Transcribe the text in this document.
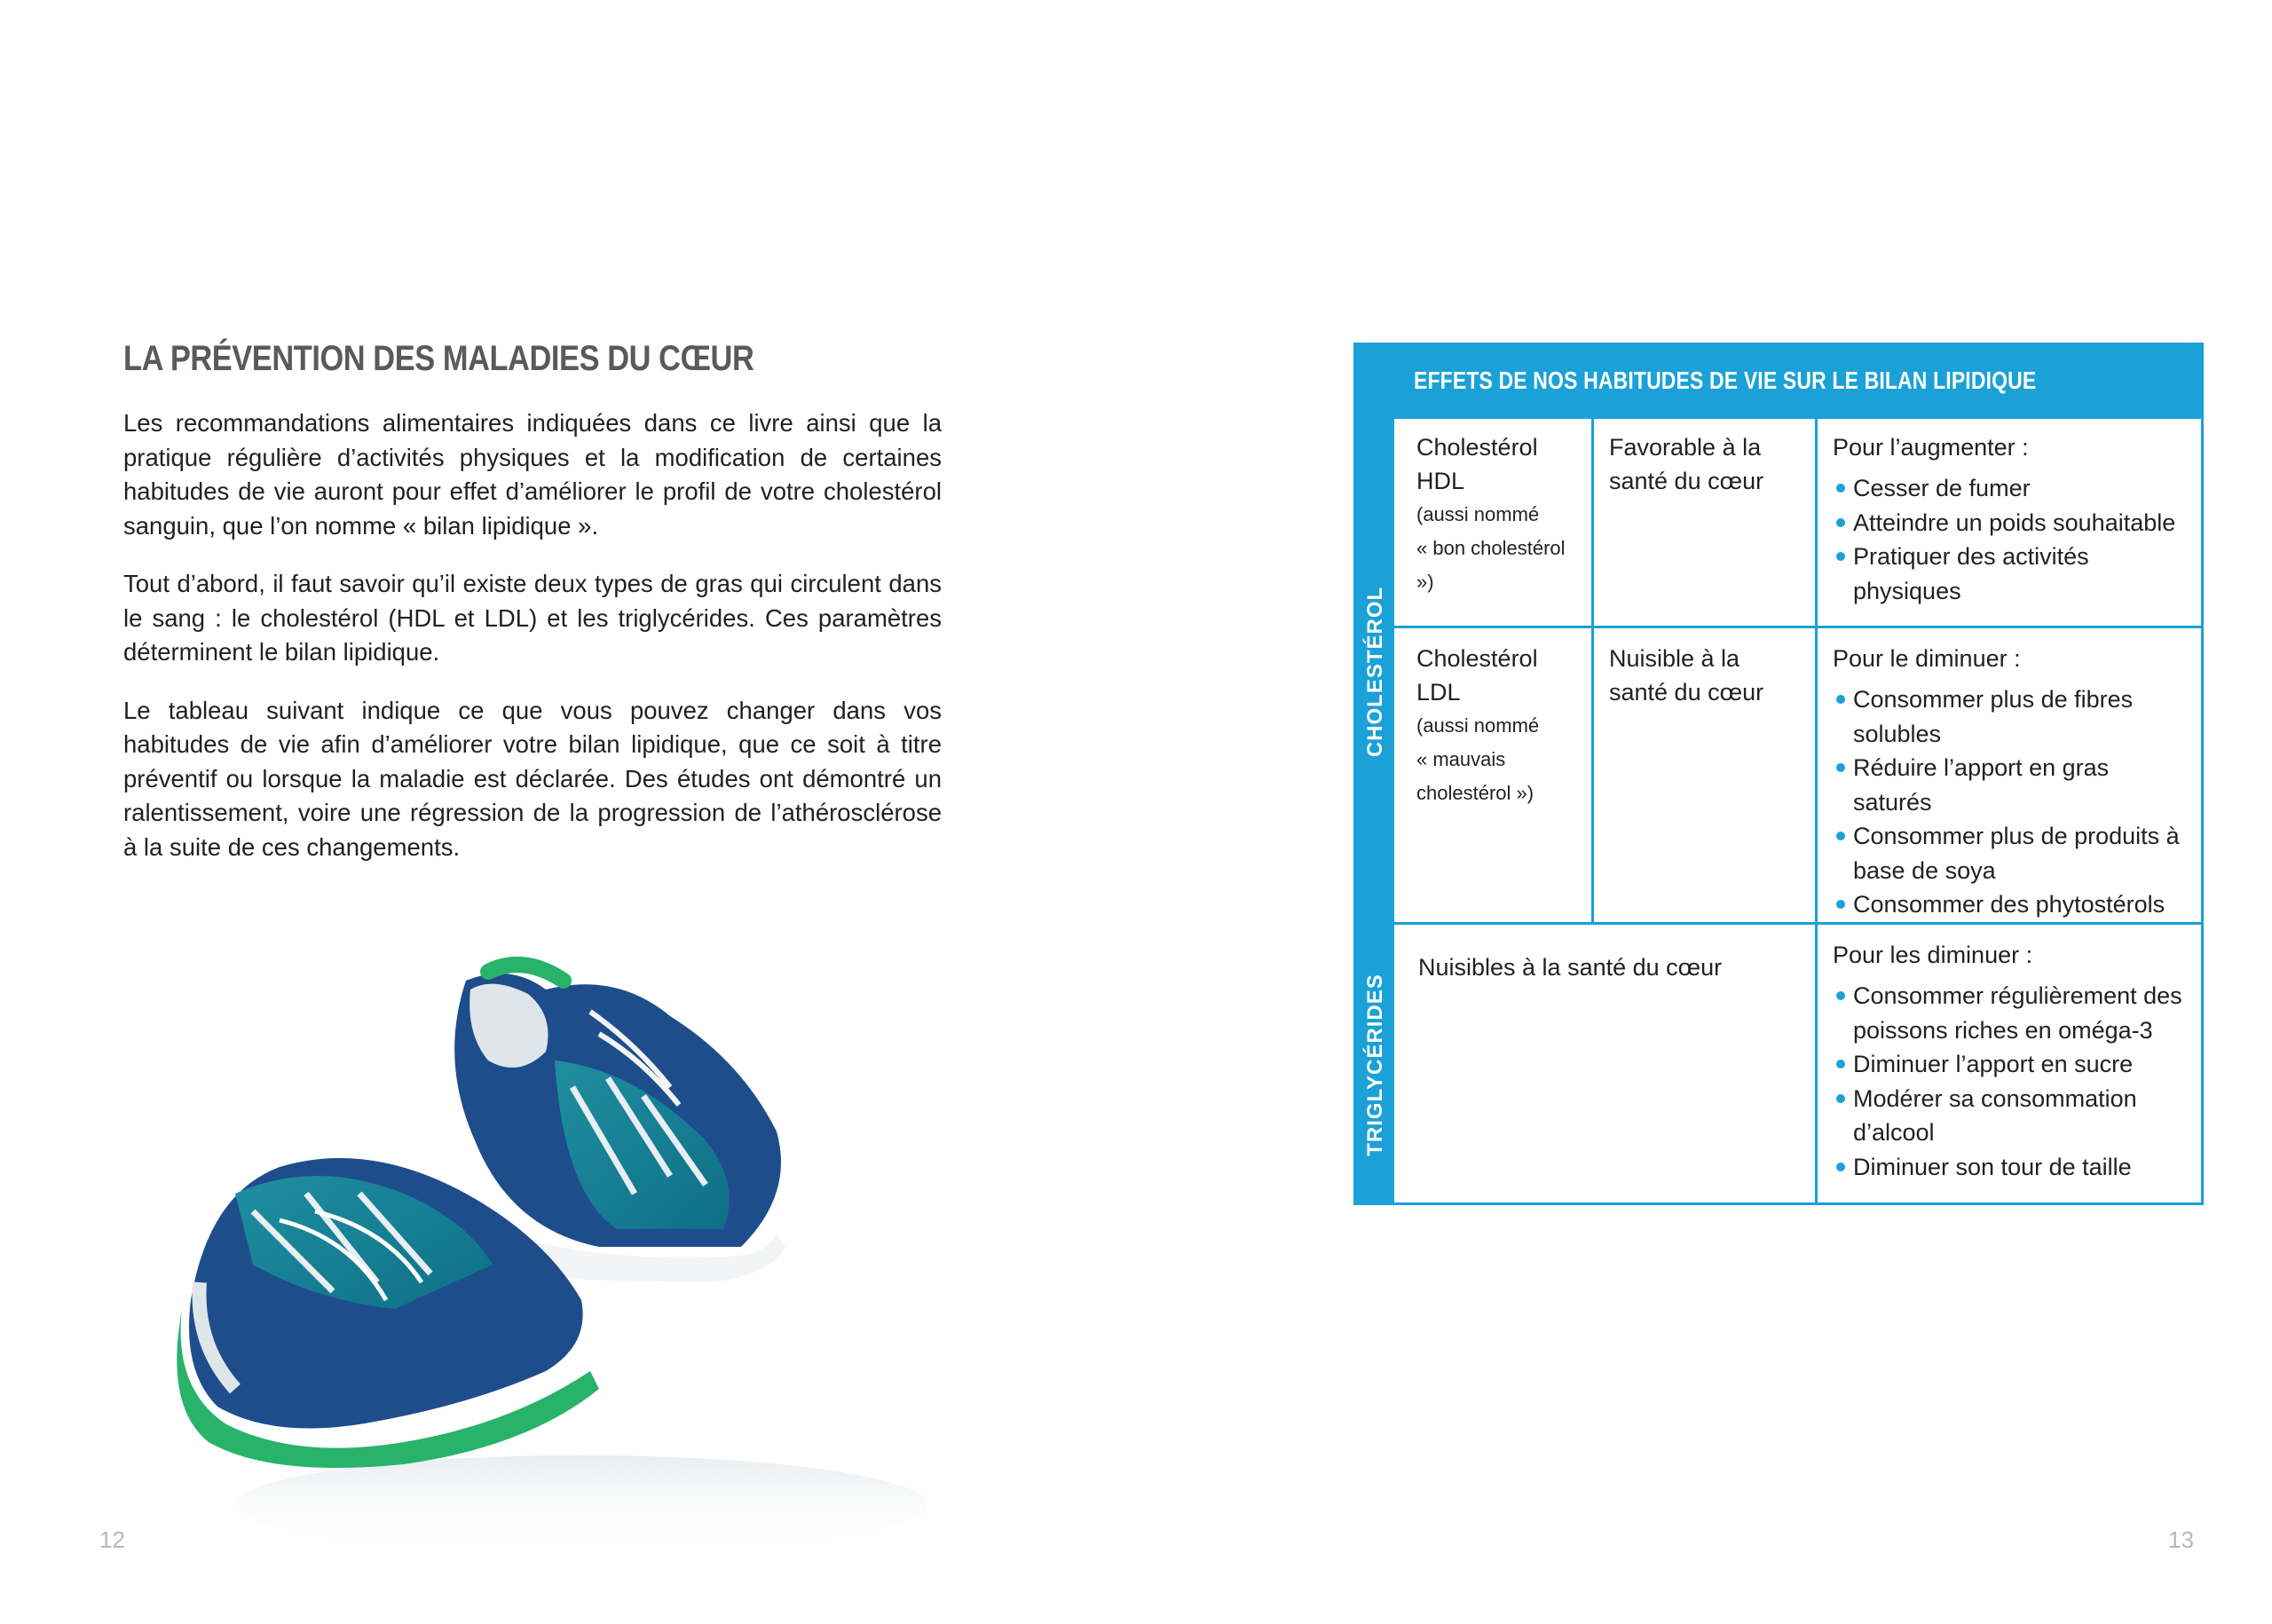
LA PRÉVENTION DES MALADIES DU CŒUR

Les recommandations alimentaires indiquées dans ce livre ainsi que la pratique régulière d’activités physiques et la modification de certaines habitudes de vie auront pour effet d’améliorer le profil de votre cholestérol sanguin, que l’on nomme « bilan lipidique ».

Tout d’abord, il faut savoir qu’il existe deux types de gras qui circulent dans le sang : le cholestérol (HDL et LDL) et les triglycérides. Ces paramètres déterminent le bilan lipidique.

Le tableau suivant indique ce que vous pouvez changer dans vos habitudes de vie afin d’améliorer votre bilan lipidique, que ce soit à titre préventif ou lorsque la maladie est déclarée. Des études ont démontré un ralentissement, voire une régression de la progression de l’athérosclérose à la suite de ces changements.

12
EFFETS DE NOS HABITUDES DE VIE SUR LE BILAN LIPIDIQUE
CHOLESTÉROL
TRIGLYCÉRIDES
Cholestérol HDL
(aussi nommé
« bon cholestérol »)
Favorable à la santé du cœur
Pour l’augmenter :
Cesser de fumer
Atteindre un poids souhaitable
Pratiquer des activités physiques
Cholestérol LDL
(aussi nommé
« mauvais
cholestérol »)
Nuisible à la santé du cœur
Pour le diminuer :
Consommer plus de fibres solubles
Réduire l’apport en gras saturés
Consommer plus de produits à base de soya
Consommer des phytostérols
Nuisibles à la santé du cœur	Pour les diminuer :
Consommer régulièrement des poissons riches en oméga-3
Diminuer l’apport en sucre
Modérer sa consommation d’alcool
Diminuer son tour de taille
13
